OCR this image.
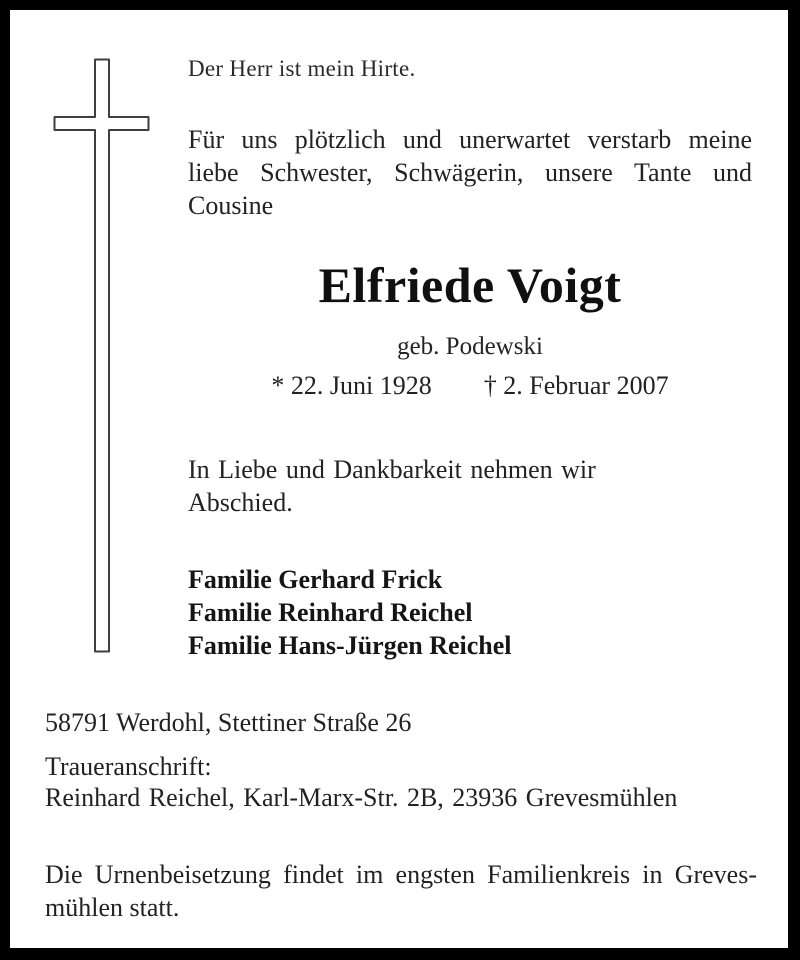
Der Herr ist mein Hirte.
Für uns plötzlich und unerwartet verstarb meine
liebe Schwester, Schwägerin, unsere Tante und
Cousine
Elfriede Voigt
geb. Podewski
* 22. Juni 1928 † 2. Februar 2007
In Liebe und Dankbarkeit nehmen wir
Abschied.
Familie Gerhard Frick
Familie Reinhard Reichel
Familie Hans-Jürgen Reichel
58791 Werdohl, Stettiner Straße 26
Traueranschrift:
Reinhard Reichel, Karl-Marx-Str. 2B, 23936 Grevesmühlen
Die Urnenbeisetzung findet im engsten Familienkreis in Greves-
mühlen statt.
